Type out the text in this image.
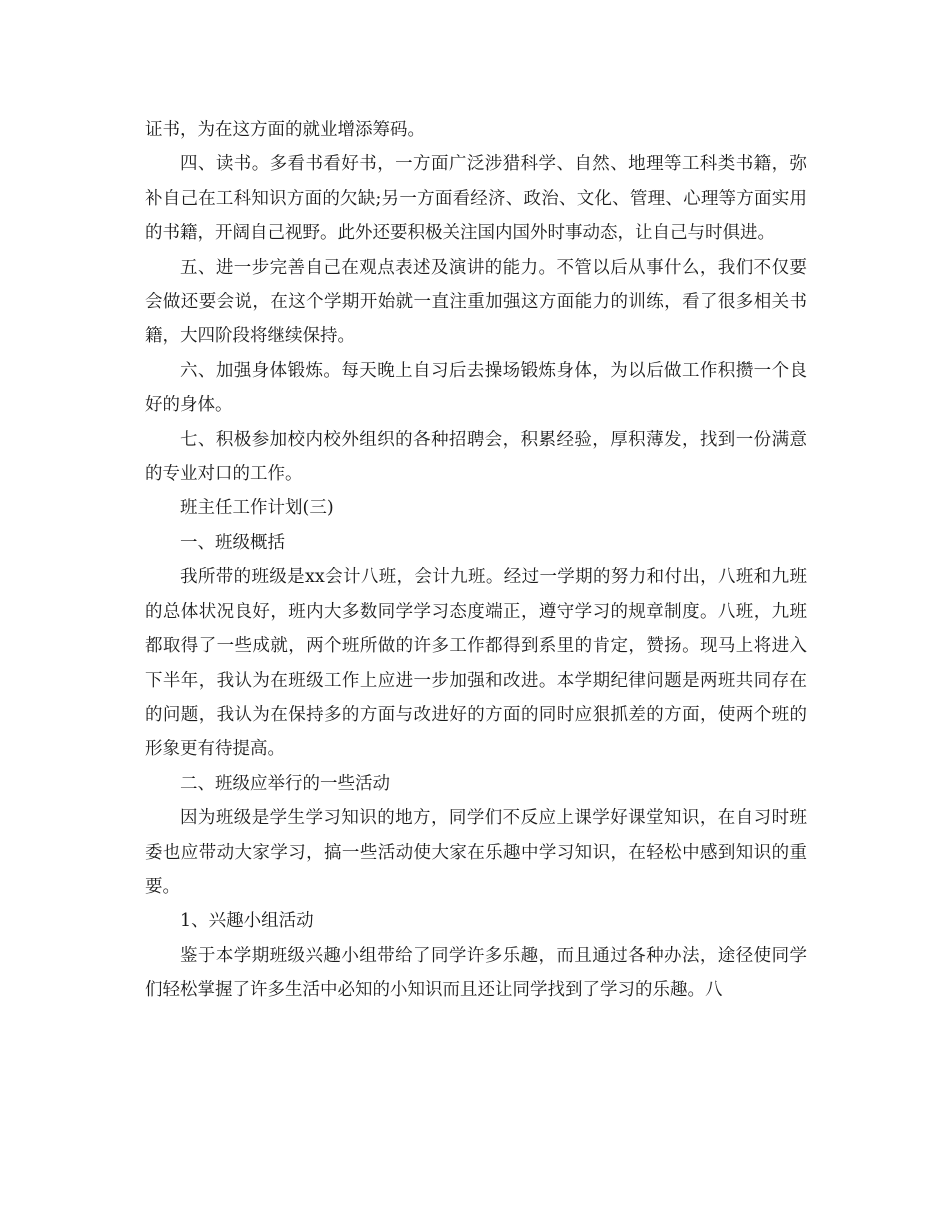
证书，为在这方面的就业增添筹码。

四、读书。多看书看好书，一方面广泛涉猎科学、自然、地理等工科类书籍，弥补自己在工科知识方面的欠缺;另一方面看经济、政治、文化、管理、心理等方面实用的书籍，开阔自己视野。此外还要积极关注国内国外时事动态，让自己与时俱进。

五、进一步完善自己在观点表述及演讲的能力。不管以后从事什么，我们不仅要会做还要会说，在这个学期开始就一直注重加强这方面能力的训练，看了很多相关书籍，大四阶段将继续保持。

六、加强身体锻炼。每天晚上自习后去操场锻炼身体，为以后做工作积攒一个良好的身体。

七、积极参加校内校外组织的各种招聘会，积累经验，厚积薄发，找到一份满意的专业对口的工作。

班主任工作计划(三)

一、班级概括

我所带的班级是xx会计八班，会计九班。经过一学期的努力和付出，八班和九班的总体状况良好，班内大多数同学学习态度端正，遵守学习的规章制度。八班，九班都取得了一些成就，两个班所做的许多工作都得到系里的肯定，赞扬。现马上将进入下半年，我认为在班级工作上应进一步加强和改进。本学期纪律问题是两班共同存在的问题，我认为在保持多的方面与改进好的方面的同时应狠抓差的方面，使两个班的形象更有待提高。

二、班级应举行的一些活动

因为班级是学生学习知识的地方，同学们不反应上课学好课堂知识，在自习时班委也应带动大家学习，搞一些活动使大家在乐趣中学习知识，在轻松中感到知识的重要。

1、兴趣小组活动

鉴于本学期班级兴趣小组带给了同学许多乐趣，而且通过各种办法，途径使同学们轻松掌握了许多生活中必知的小知识而且还让同学找到了学习的乐趣。八
